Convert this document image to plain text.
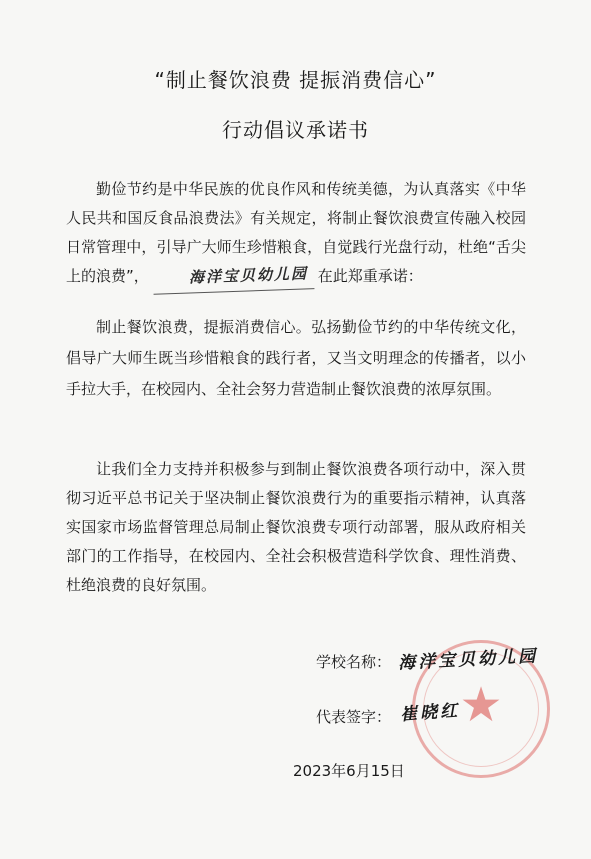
“制止餐饮浪费 提振消费信心”
行动倡议承诺书
勤俭节约是中华民族的优良作风和传统美德，为认真落实《中华人民共和国反食品浪费法》有关规定，将制止餐饮浪费宣传融入校园日常管理中，引导广大师生珍惜粮食，自觉践行光盘行动，杜绝“舌尖上的浪费”，	海洋宝贝幼儿园 在此郑重承诺：
制止餐饮浪费，提振消费信心。弘扬勤俭节约的中华传统文化，倡导广大师生既当珍惜粮食的践行者，又当文明理念的传播者，以小手拉大手，在校园内、全社会努力营造制止餐饮浪费的浓厚氛围。
让我们全力支持并积极参与到制止餐饮浪费各项行动中，深入贯彻习近平总书记关于坚决制止餐饮浪费行为的重要指示精神，认真落实国家市场监督管理总局制止餐饮浪费专项行动部署，服从政府相关部门的工作指导，在校园内、全社会积极营造科学饮食、理性消费、杜绝浪费的良好氛围。
★
学校名称： 海洋宝贝幼儿园
代表签字： 崔晓红
2023年6月15日
